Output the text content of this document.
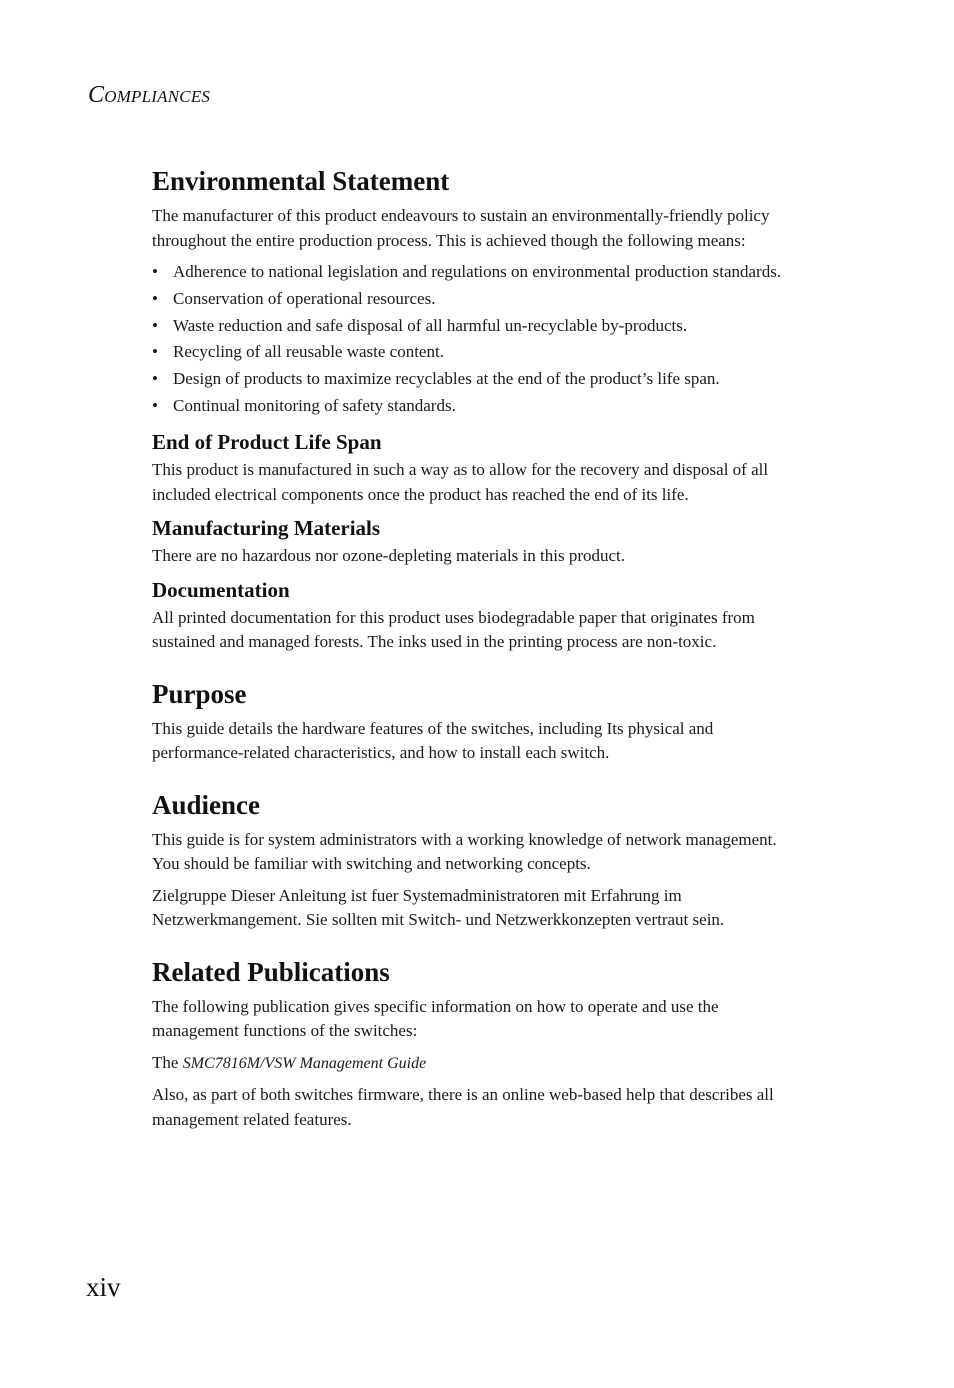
COMPLIANCES
Environmental Statement

The manufacturer of this product endeavours to sustain an environmentally-friendly policy
throughout the entire production process. This is achieved though the following means:

• Adherence to national legislation and regulations on environmental production standards.
• Conservation of operational resources.
• Waste reduction and safe disposal of all harmful un-recyclable by-products.
• Recycling of all reusable waste content.
• Design of products to maximize recyclables at the end of the product’s life span.
• Continual monitoring of safety standards.
End of Product Life Span

This product is manufactured in such a way as to allow for the recovery and disposal of all
included electrical components once the product has reached the end of its life.

Manufacturing Materials

There are no hazardous nor ozone-depleting materials in this product.

Documentation

All printed documentation for this product uses biodegradable paper that originates from
sustained and managed forests. The inks used in the printing process are non-toxic.

Purpose

This guide details the hardware features of the switches, including Its physical and
performance-related characteristics, and how to install each switch.

Audience

This guide is for system administrators with a working knowledge of network management.
You should be familiar with switching and networking concepts.

Zielgruppe Dieser Anleitung ist fuer Systemadministratoren mit Erfahrung im
Netzwerkmangement. Sie sollten mit Switch- und Netzwerkkonzepten vertraut sein.

Related Publications

The following publication gives specific information on how to operate and use the
management functions of the switches:

The SMC7816M/VSW Management Guide

Also, as part of both switches firmware, there is an online web-based help that describes all
management related features.

xiv
